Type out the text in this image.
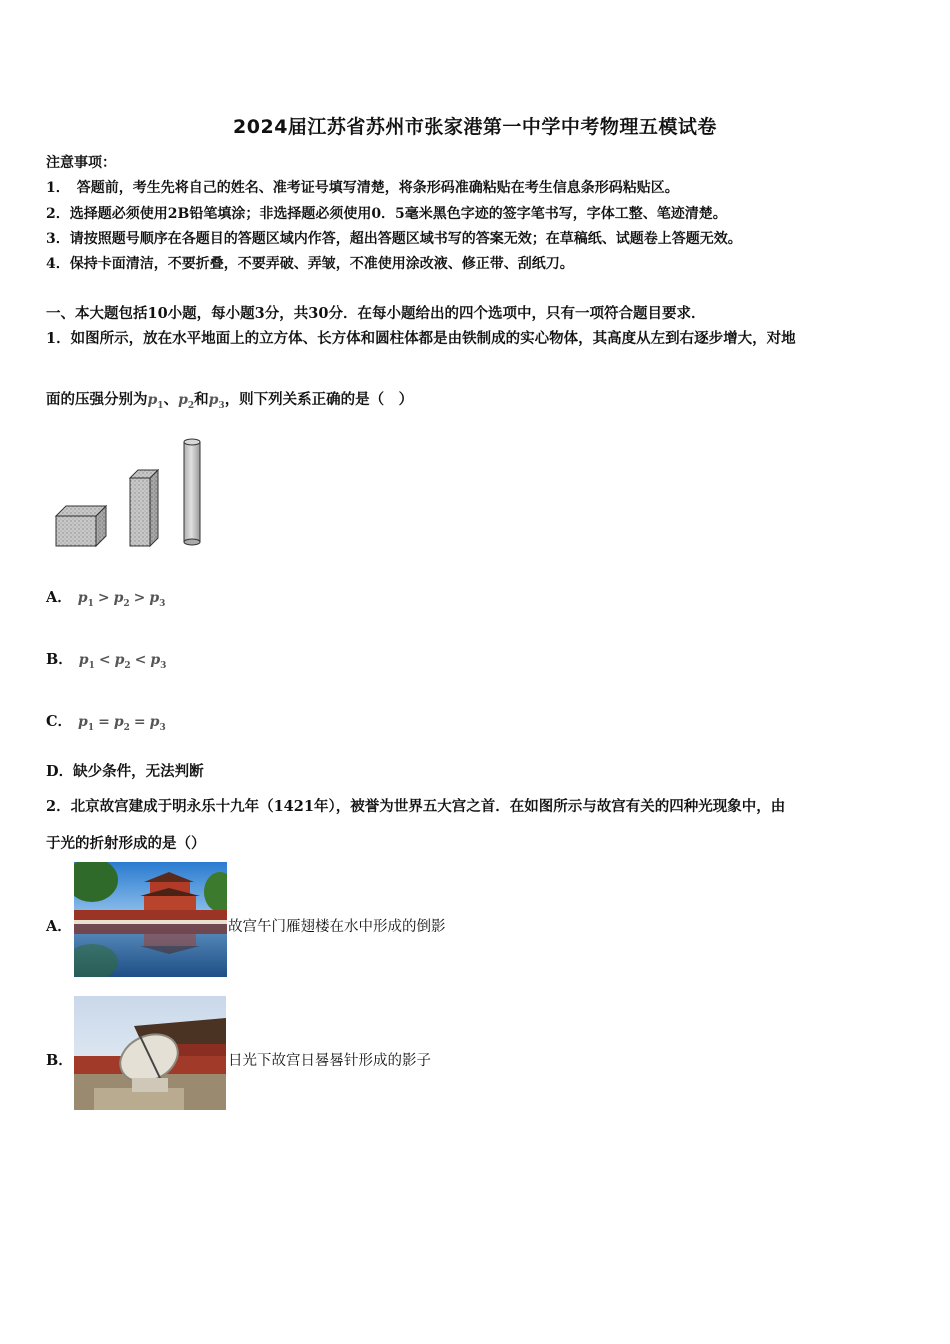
2024届江苏省苏州市张家港第一中学中考物理五模试卷
注意事项：
1．　答题前，考生先将自己的姓名、准考证号填写清楚，将条形码准确粘贴在考生信息条形码粘贴区。
2．选择题必须使用2B铅笔填涂；非选择题必须使用0．5毫米黑色字迹的签字笔书写，字体工整、笔迹清楚。
3．请按照题号顺序在各题目的答题区域内作答，超出答题区域书写的答案无效；在草稿纸、试题卷上答题无效。
4．保持卡面清洁，不要折叠，不要弄破、弄皱，不准使用涂改液、修正带、刮纸刀。
一、本大题包括10小题，每小题3分，共30分．在每小题给出的四个选项中，只有一项符合题目要求．
1．如图所示，放在水平地面上的立方体、长方体和圆柱体都是由铁制成的实心物体，其高度从左到右逐步增大，对地
面的压强分别为$p_1$、$p_2$和$p_3$，则下列关系正确的是（　）
A． $p_1 > p_2 > p_3$
B． $p_1 < p_2 < p_3$
C． $p_1 = p_2 = p_3$
D．缺少条件，无法判断
2．北京故宫建成于明永乐十九年（1421年），被誉为世界五大宫之首．在如图所示与故宫有关的四种光现象中，由
于光的折射形成的是（）
A．	故宫午门雁翅楼在水中形成的倒影
B．	日光下故宫日晷晷针形成的影子
